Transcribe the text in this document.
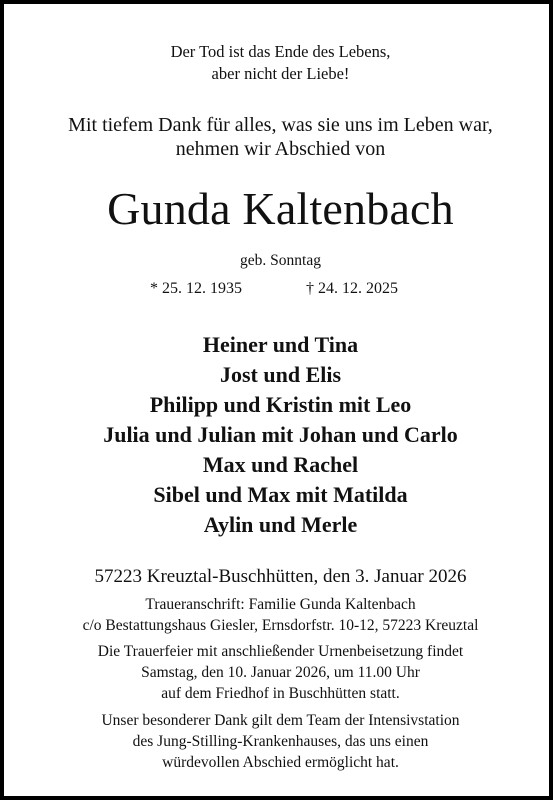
Der Tod ist das Ende des Lebens,
aber nicht der Liebe!
Mit tiefem Dank für alles, was sie uns im Leben war,
nehmen wir Abschied von
Gunda Kaltenbach
geb. Sonntag
* 25. 12. 1935	† 24. 12. 2025
Heiner und Tina
Jost und Elis
Philipp und Kristin mit Leo
Julia und Julian mit Johan und Carlo
Max und Rachel
Sibel und Max mit Matilda
Aylin und Merle
57223 Kreuztal-Buschhütten, den 3. Januar 2026
Traueranschrift: Familie Gunda Kaltenbach
c/o Bestattungshaus Giesler, Ernsdorfstr. 10-12, 57223 Kreuztal
Die Trauerfeier mit anschließender Urnenbeisetzung findet
Samstag, den 10. Januar 2026, um 11.00 Uhr
auf dem Friedhof in Buschhütten statt.
Unser besonderer Dank gilt dem Team der Intensivstation
des Jung-Stilling-Krankenhauses, das uns einen
würdevollen Abschied ermöglicht hat.
